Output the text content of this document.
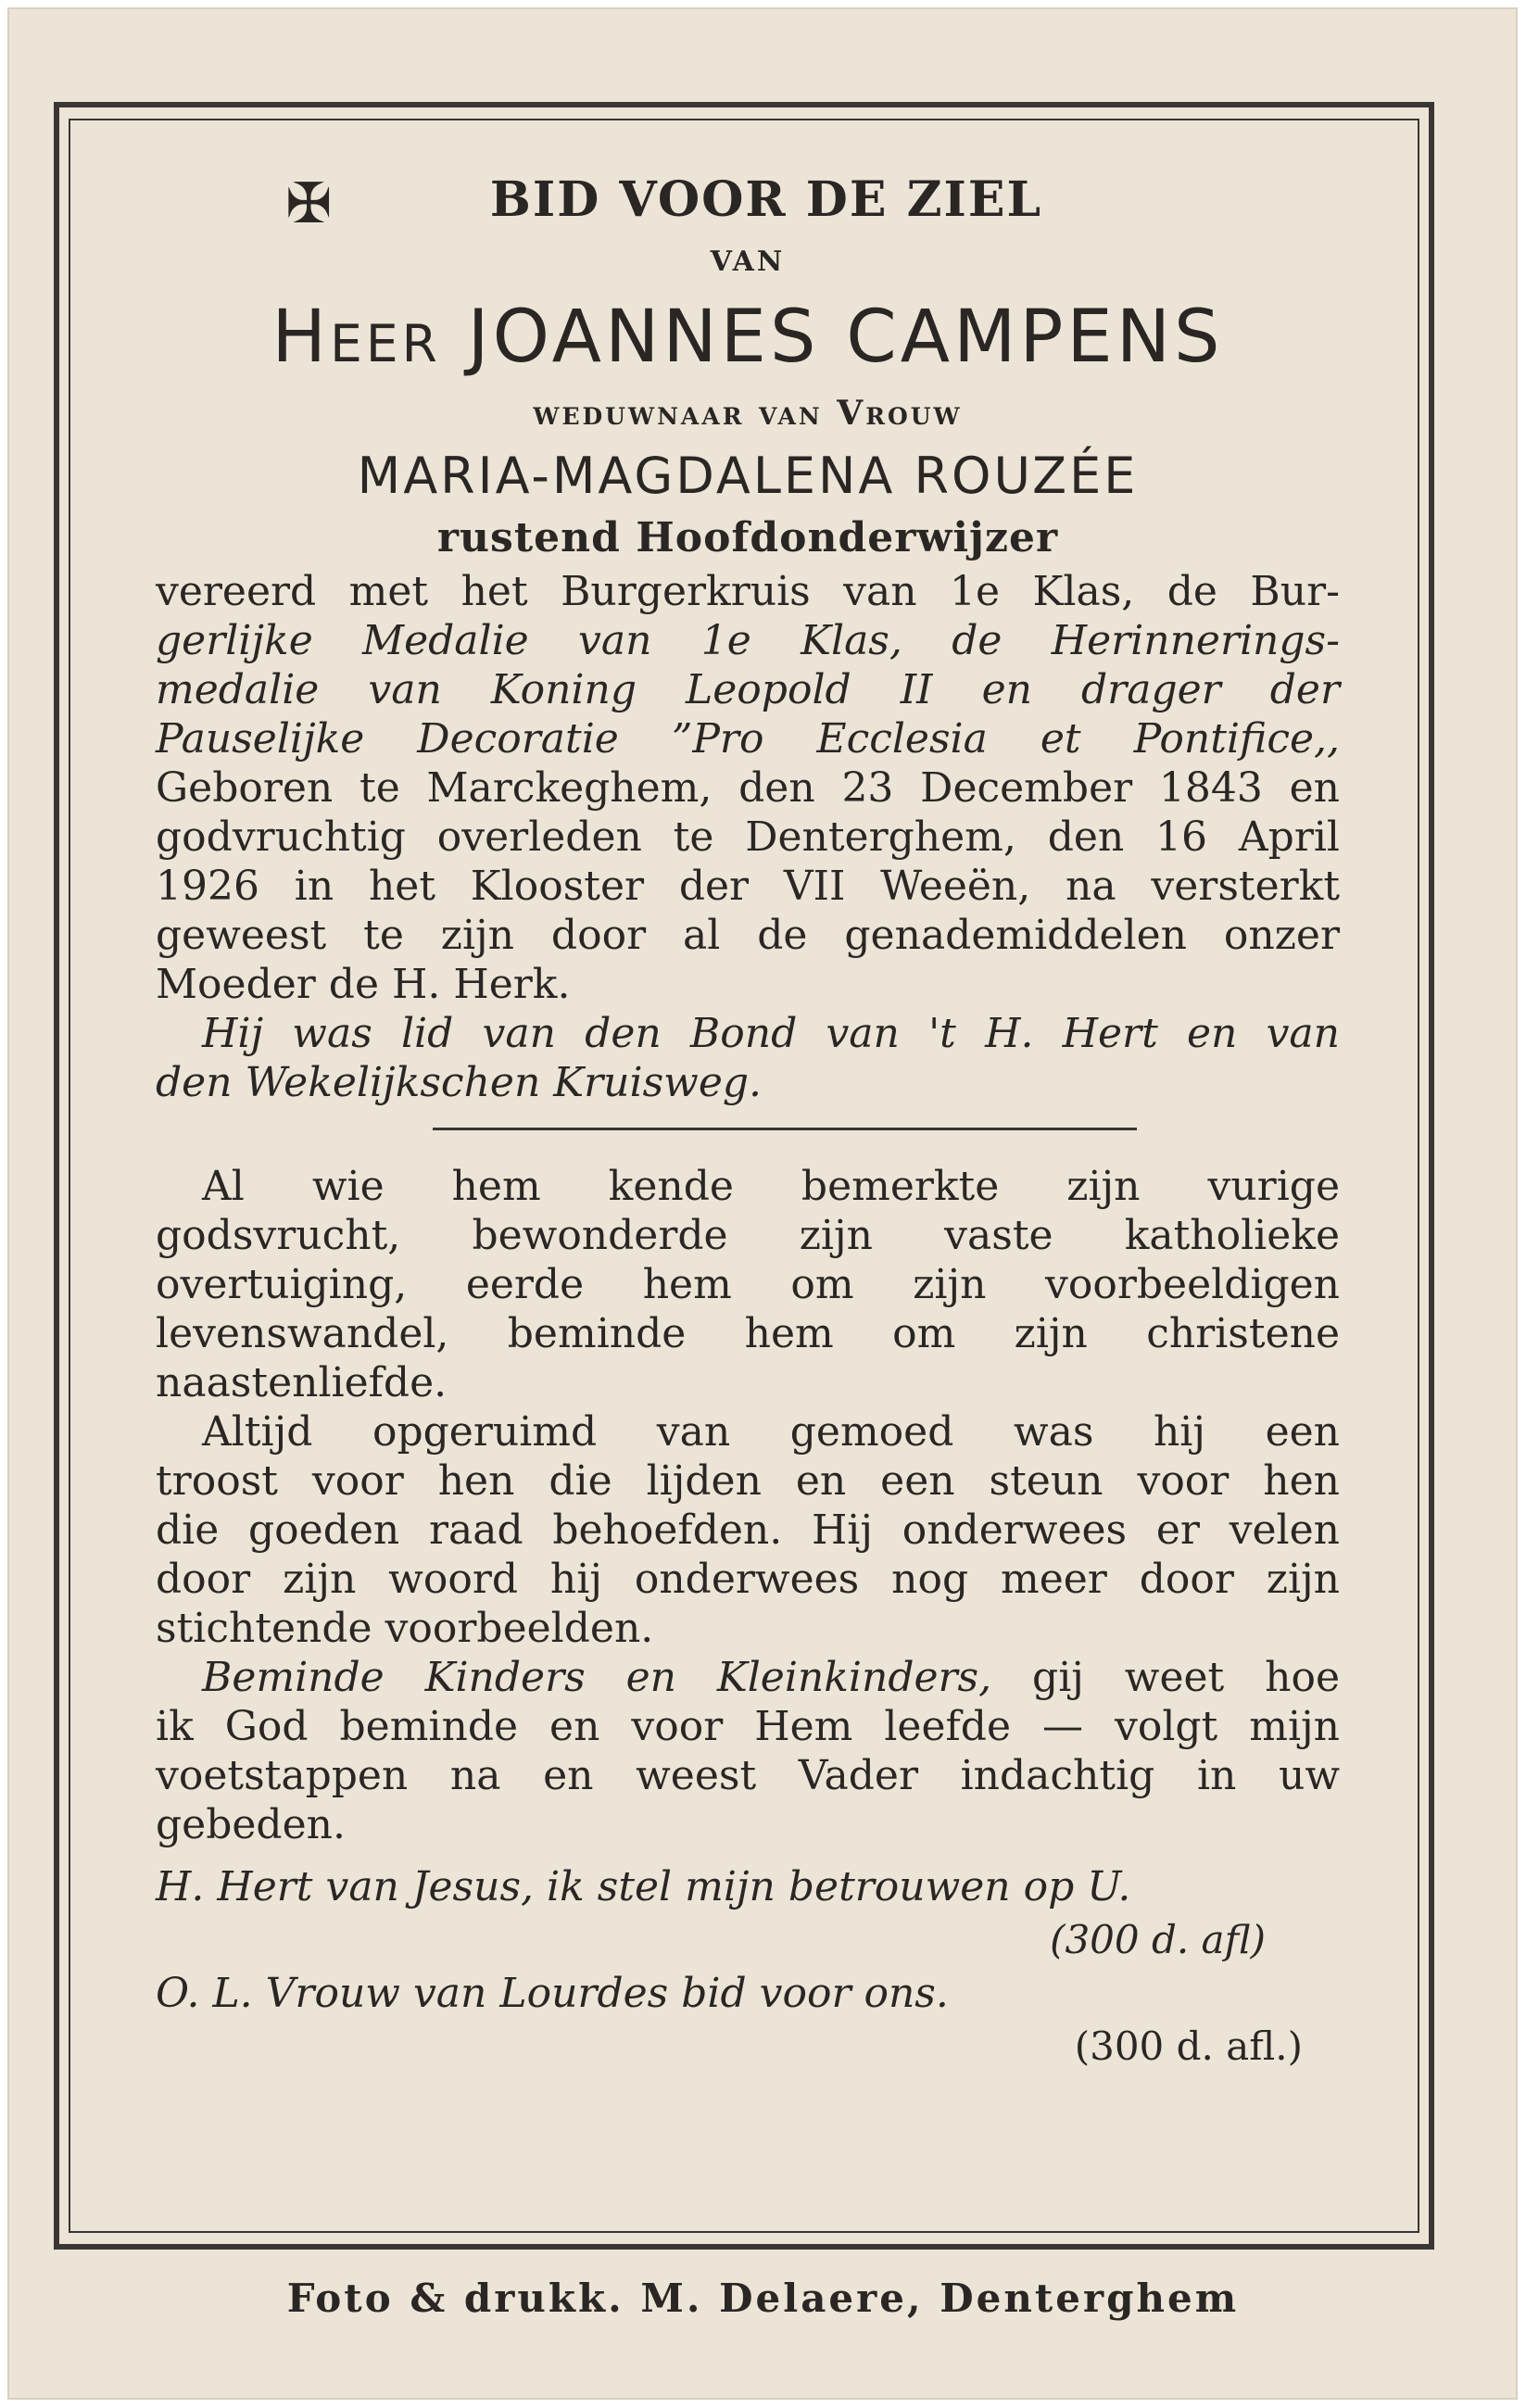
✠	BID VOOR DE ZIEL
VAN
Heer JOANNES CAMPENS
weduwnaar van Vrouw
MARIA-MAGDALENA ROUZÉE
rustend Hoofdonderwijzer
vereerd met het Burgerkruis van 1e Klas, de Bur-
gerlijke Medalie van 1e Klas, de Herinnerings-
medalie van Koning Leopold II en drager der
Pauselijke Decoratie ”Pro Ecclesia et Pontifice,,
Geboren te Marckeghem, den 23 December 1843 en
godvruchtig overleden te Denterghem, den 16 April
1926 in het Klooster der VII Weeën, na versterkt
geweest te zijn door al de genademiddelen onzer
Moeder de H. Herk.
Hij was lid van den Bond van 't H. Hert en van
den Wekelijkschen Kruisweg.
Al wie hem kende bemerkte zijn vurige
godsvrucht, bewonderde zijn vaste katholieke
overtuiging, eerde hem om zijn voorbeeldigen
levenswandel, beminde hem om zijn christene
naastenliefde.
Altijd opgeruimd van gemoed was hij een
troost voor hen die lijden en een steun voor hen
die goeden raad behoefden. Hij onderwees er velen
door zijn woord hij onderwees nog meer door zijn
stichtende voorbeelden.
Beminde Kinders en Kleinkinders, gij weet hoe
ik God beminde en voor Hem leefde — volgt mijn
voetstappen na en weest Vader indachtig in uw
gebeden.
H. Hert van Jesus, ik stel mijn betrouwen op U.
(300 d. afl)
O. L. Vrouw van Lourdes bid voor ons.
(300 d. afl.)
Foto & drukk. M. Delaere, Denterghem
